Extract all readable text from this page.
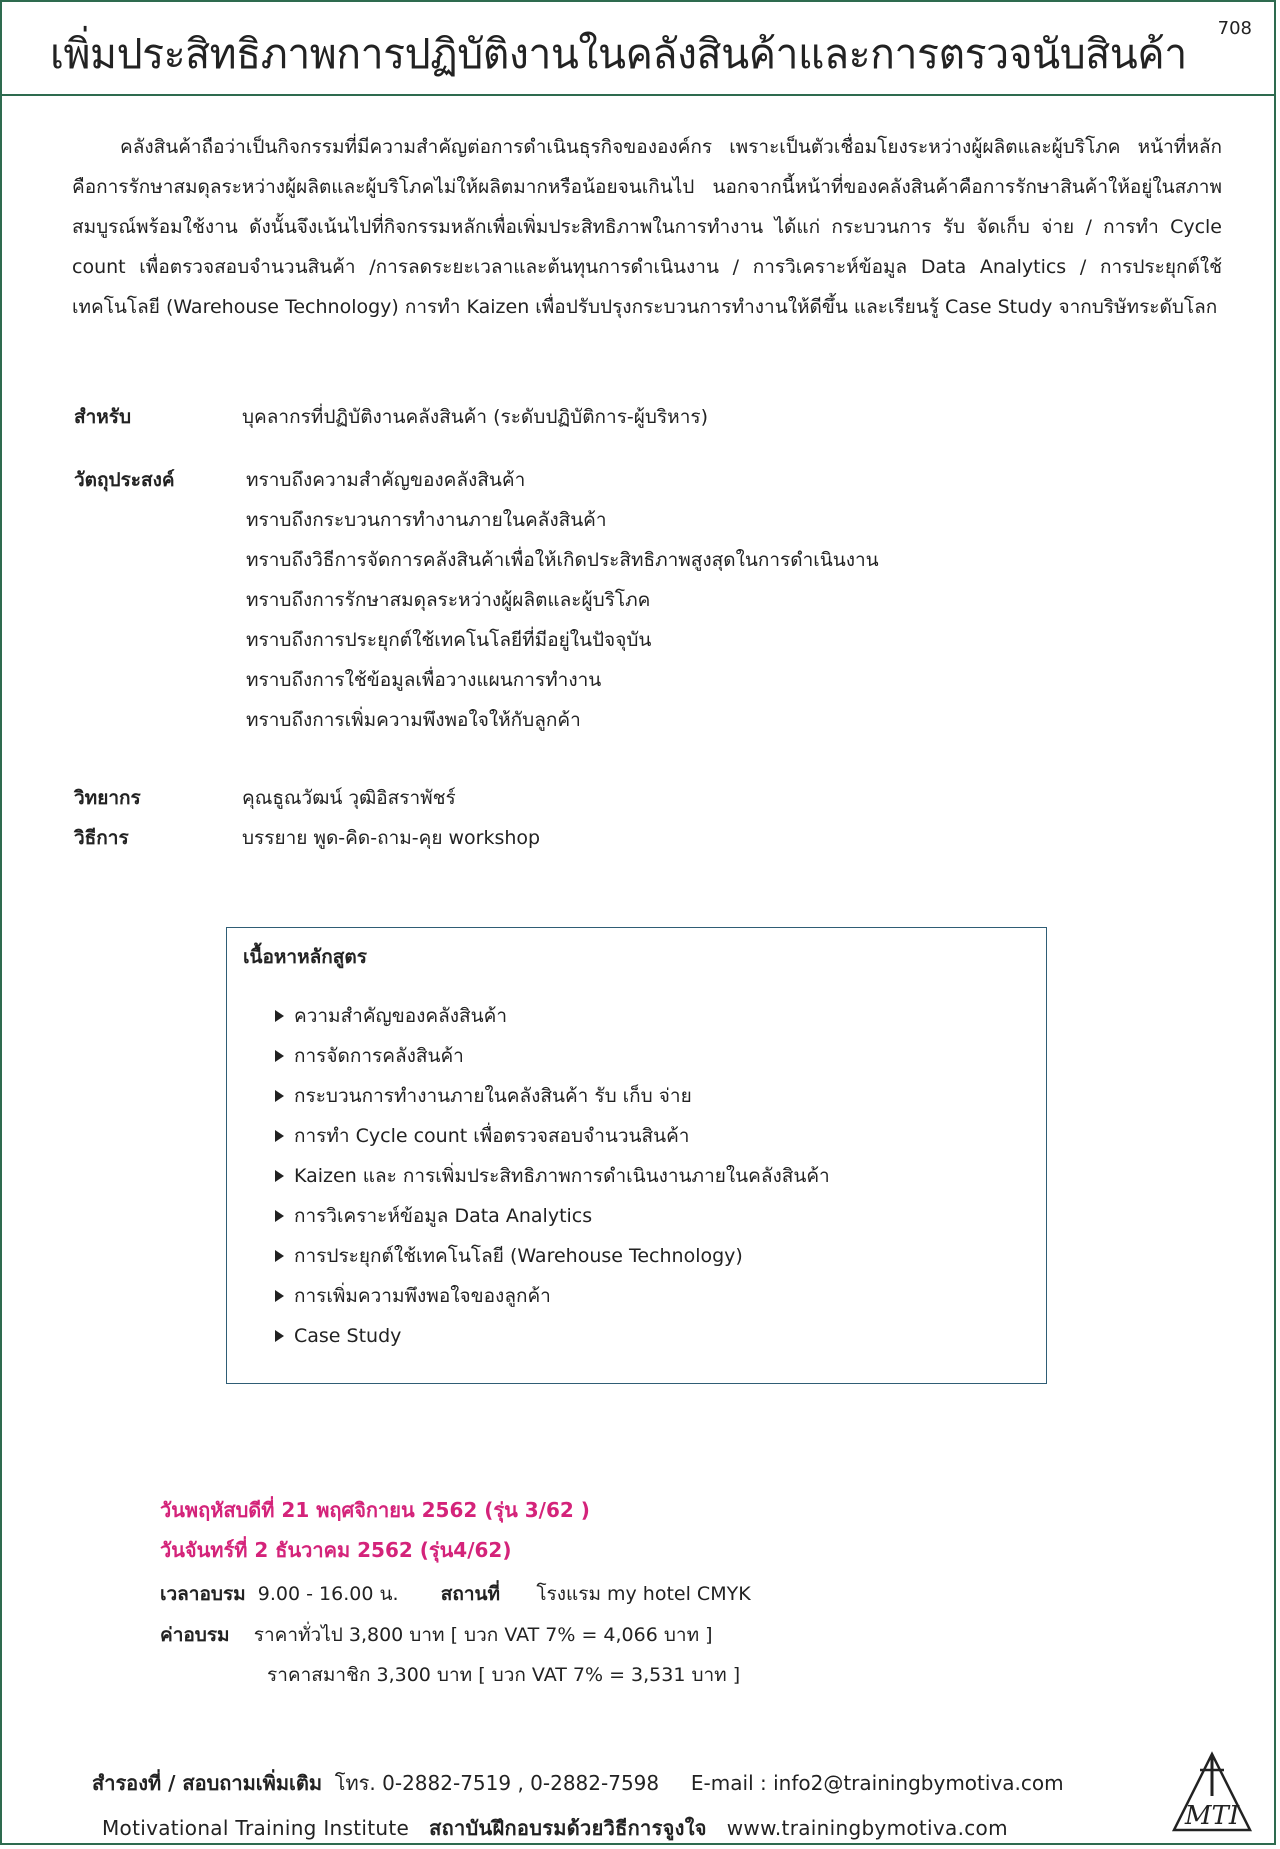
เพิ่มประสิทธิภาพการปฏิบัติงานในคลังสินค้าและการตรวจนับสินค้า
708
คลังสินค้าถือว่าเป็นกิจกรรมที่มีความสำคัญต่อการดำเนินธุรกิจขององค์กร เพราะเป็นตัวเชื่อมโยงระหว่างผู้ผลิตและผู้บริโภค หน้าที่หลักคือการรักษาสมดุลระหว่างผู้ผลิตและผู้บริโภคไม่ให้ผลิตมากหรือน้อยจนเกินไป นอกจากนี้หน้าที่ของคลังสินค้าคือการรักษาสินค้าให้อยู่ในสภาพสมบูรณ์พร้อมใช้งาน ดังนั้นจึงเน้นไปที่กิจกรรมหลักเพื่อเพิ่มประสิทธิภาพในการทำงาน ได้แก่ กระบวนการ รับ จัดเก็บ จ่าย / การทำ Cycle count เพื่อตรวจสอบจำนวนสินค้า /การลดระยะเวลาและต้นทุนการดำเนินงาน / การวิเคราะห์ข้อมูล Data Analytics / การประยุกต์ใช้เทคโนโลยี (Warehouse Technology) การทำ Kaizen เพื่อปรับปรุงกระบวนการทำงานให้ดีขึ้น และเรียนรู้ Case Study จากบริษัทระดับโลก
สำหรับ	บุคลากรที่ปฏิบัติงานคลังสินค้า (ระดับปฏิบัติการ-ผู้บริหาร)
วัตถุประสงค์	ทราบถึงความสำคัญของคลังสินค้า
ทราบถึงกระบวนการทำงานภายในคลังสินค้า
ทราบถึงวิธีการจัดการคลังสินค้าเพื่อให้เกิดประสิทธิภาพสูงสุดในการดำเนินงาน
ทราบถึงการรักษาสมดุลระหว่างผู้ผลิตและผู้บริโภค
ทราบถึงการประยุกต์ใช้เทคโนโลยีที่มีอยู่ในปัจจุบัน
ทราบถึงการใช้ข้อมูลเพื่อวางแผนการทำงาน
ทราบถึงการเพิ่มความพึงพอใจให้กับลูกค้า
วิทยากร	คุณธูณวัฒน์ วุฒิอิสราพัชร์
วิธีการ	บรรยาย พูด-คิด-ถาม-คุย workshop
เนื้อหาหลักสูตร
ความสำคัญของคลังสินค้า
การจัดการคลังสินค้า
กระบวนการทำงานภายในคลังสินค้า รับ เก็บ จ่าย
การทำ Cycle count เพื่อตรวจสอบจำนวนสินค้า
Kaizen และ การเพิ่มประสิทธิภาพการดำเนินงานภายในคลังสินค้า
การวิเคราะห์ข้อมูล Data Analytics
การประยุกต์ใช้เทคโนโลยี (Warehouse Technology)
การเพิ่มความพึงพอใจของลูกค้า
Case Study
วันพฤหัสบดีที่ 21 พฤศจิกายน 2562 (รุ่น 3/62 )
วันจันทร์ที่ 2 ธันวาคม 2562 (รุ่น4/62)
เวลาอบรม 9.00 - 16.00 น. สถานที่ โรงแรม my hotel CMYK
ค่าอบรม ราคาทั่วไป 3,800 บาท [ บวก VAT 7% = 4,066 บาท ]
ราคาสมาชิก 3,300 บาท [ บวก VAT 7% = 3,531 บาท ]
สำรองที่ / สอบถามเพิ่มเติม โทร. 0-2882-7519 , 0-2882-7598 E-mail : info2@trainingbymotiva.com
Motivational Training Institute สถาบันฝึกอบรมด้วยวิธีการจูงใจ www.trainingbymotiva.com	MTI
